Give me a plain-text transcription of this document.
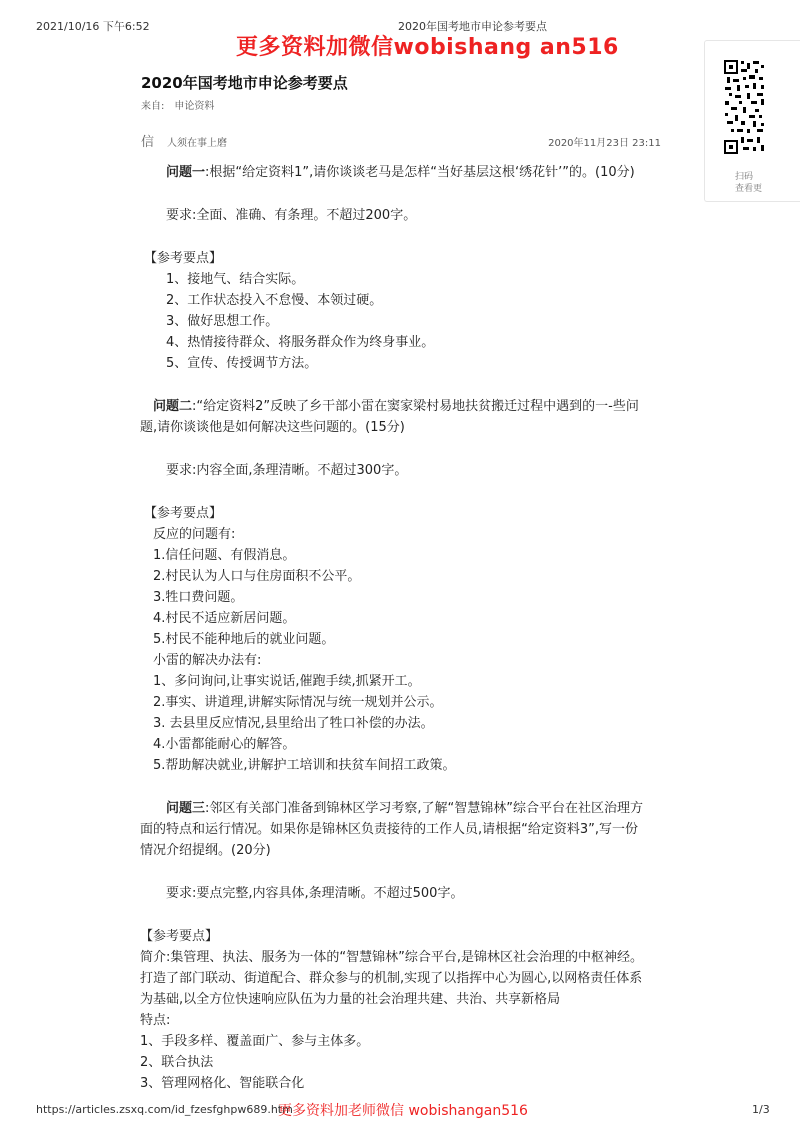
2021/10/16 下午6:52	2020年国考地市申论参考要点
更多资料加微信wobishang an516
2020年国考地市申论参考要点
来自: 申论资料
信 人须在事上磨	2020年11月23日 23:11
扫码
查看更
问题一:根据“给定资料1”,请你谈谈老马是怎样“当好基层这根‘绣花针’”的。(10分)
要求:全面、准确、有条理。不超过200字。
【参考要点】
1、接地气、结合实际。
2、工作状态投入不怠慢、本领过硬。
3、做好思想工作。
4、热情接待群众、将服务群众作为终身事业。
5、宣传、传授调节方法。
问题二:“给定资料2”反映了乡干部小雷在窦家梁村易地扶贫搬迁过程中遇到的一-些问
题,请你谈谈他是如何解决这些问题的。(15分)
要求:内容全面,条理清晰。不超过300字。
【参考要点】
反应的问题有:
1.信任问题、有假消息。
2.村民认为人口与住房面积不公平。
3.牲口费问题。
4.村民不适应新居问题。
5.村民不能种地后的就业问题。
小雷的解决办法有:
1、多问询问,让事实说话,催跑手续,抓紧开工。
2.事实、讲道理,讲解实际情况与统一规划并公示。
3. 去县里反应情况,县里给出了牲口补偿的办法。
4.小雷都能耐心的解答。
5.帮助解决就业,讲解护工培训和扶贫车间招工政策。
问题三:邻区有关部门准备到锦林区学习考察,了解“智慧锦林”综合平台在社区治理方
面的特点和运行情况。如果你是锦林区负责接待的工作人员,请根据“给定资料3”,写一份
情况介绍提纲。(20分)
要求:要点完整,内容具体,条理清晰。不超过500字。
【参考要点】
简介:集管理、执法、服务为一体的“智慧锦林”综合平台,是锦林区社会治理的中枢神经。
打造了部门联动、街道配合、群众参与的机制,实现了以指挥中心为圆心,以网格责任体系
为基础,以全方位快速响应队伍为力量的社会治理共建、共治、共享新格局
特点:
1、手段多样、覆盖面广、参与主体多。
2、联合执法
3、管理网格化、智能联合化
https://articles.zsxq.com/id_fzesfghpw689.htm
更多资料加老师微信 wobishangan516	1/3
